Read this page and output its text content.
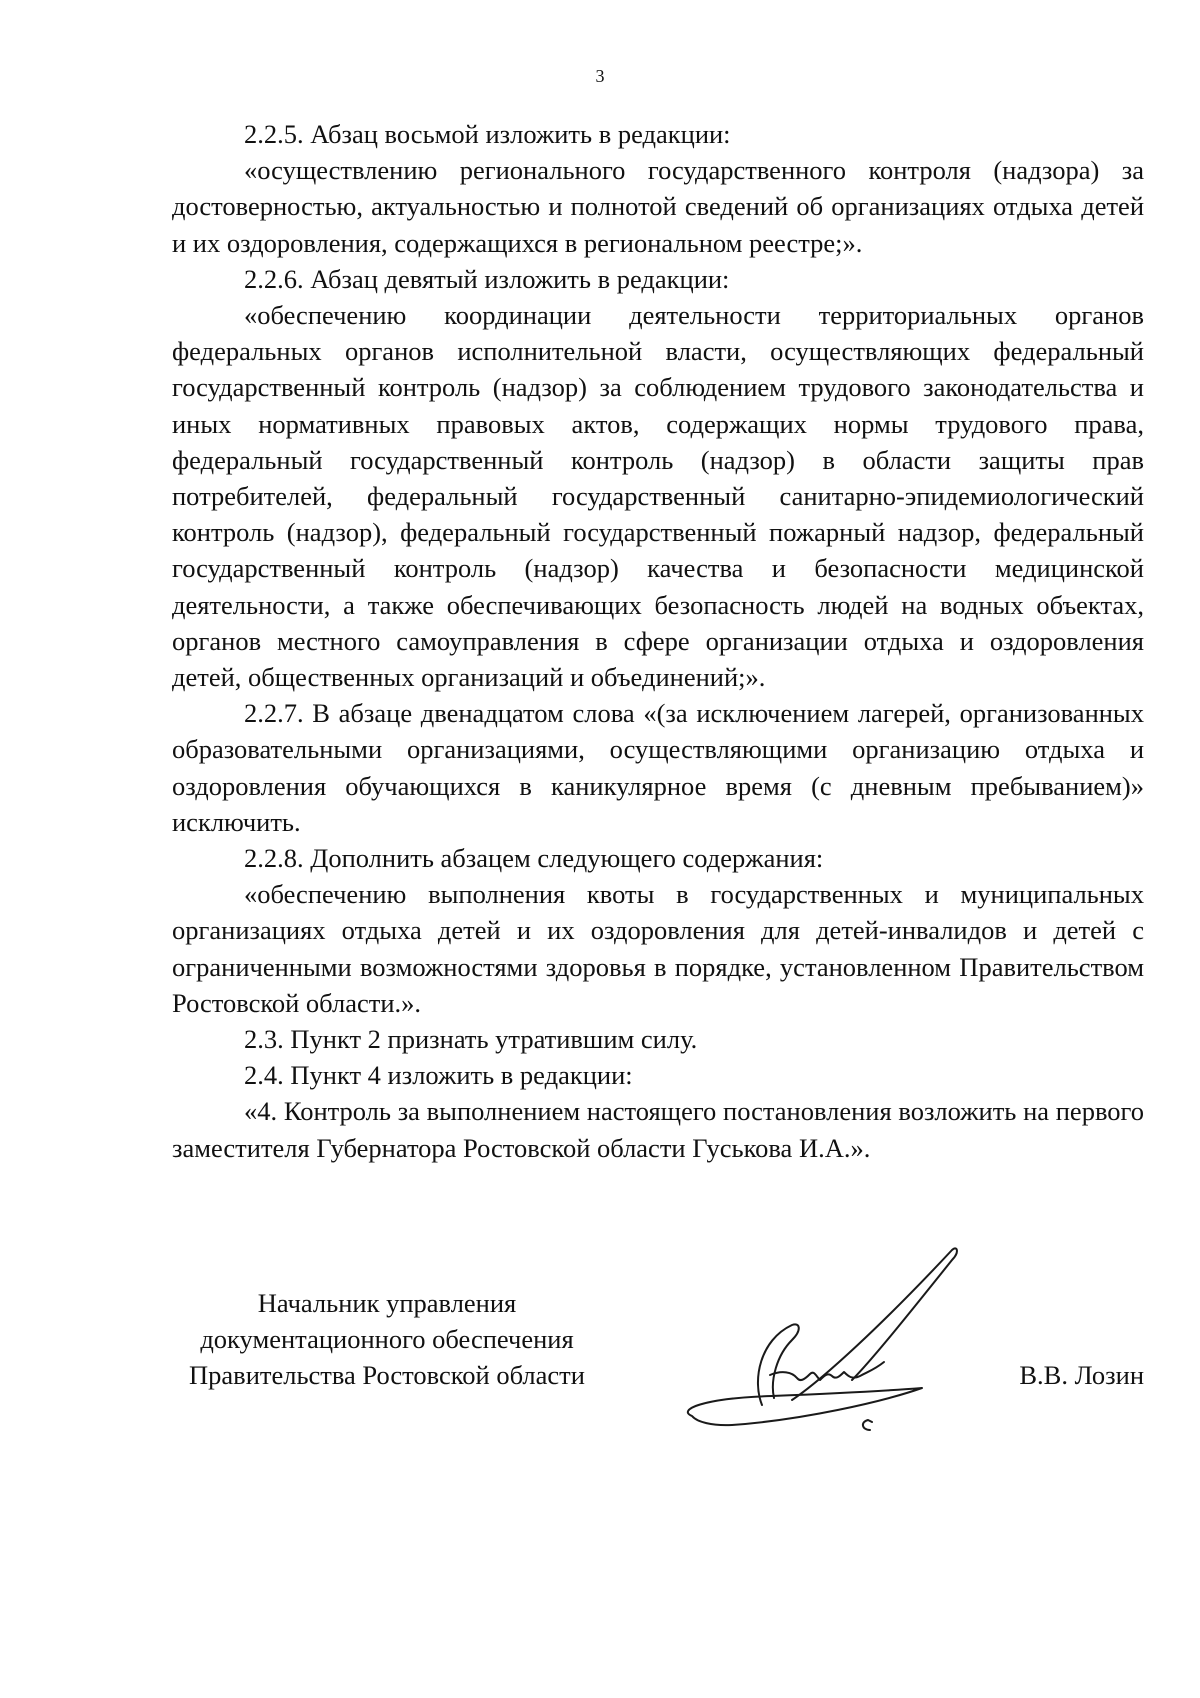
3

2.2.5. Абзац восьмой изложить в редакции:

«осуществлению регионального государственного контроля (надзора) за достоверностью, актуальностью и полнотой сведений об организациях отдыха детей и их оздоровления, содержащихся в региональном реестре;».

2.2.6. Абзац девятый изложить в редакции:

«обеспечению координации деятельности территориальных органов федеральных органов исполнительной власти, осуществляющих федеральный государственный контроль (надзор) за соблюдением трудового законодательства и иных нормативных правовых актов, содержащих нормы трудового права, федеральный государственный контроль (надзор) в области защиты прав потребителей, федеральный государственный санитарно-эпидемиологический контроль (надзор), федеральный государственный пожарный надзор, федеральный государственный контроль (надзор) качества и безопасности медицинской деятельности, а также обеспечивающих безопасность людей на водных объектах, органов местного самоуправления в сфере организации отдыха и оздоровления детей, общественных организаций и объединений;».

2.2.7. В абзаце двенадцатом слова «(за исключением лагерей, организованных образовательными организациями, осуществляющими организацию отдыха и оздоровления обучающихся в каникулярное время (с дневным пребыванием)» исключить.

2.2.8. Дополнить абзацем следующего содержания:

«обеспечению выполнения квоты в государственных и муниципальных организациях отдыха детей и их оздоровления для детей-инвалидов и детей с ограниченными возможностями здоровья в порядке, установленном Правительством Ростовской области.».

2.3. Пункт 2 признать утратившим силу.

2.4. Пункт 4 изложить в редакции:

«4. Контроль за выполнением настоящего постановления возложить на первого заместителя Губернатора Ростовской области Гуськова И.А.».

Начальник управления
документационного обеспечения
Правительства Ростовской области	В.В. Лозин
